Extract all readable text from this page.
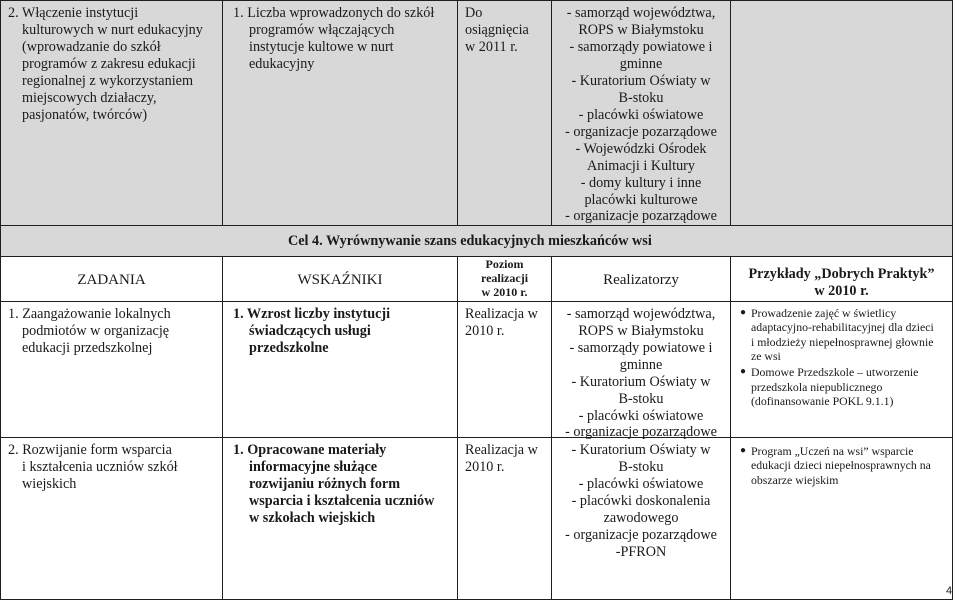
2. Włączenie instytucji
kulturowych w nurt edukacyjny
(wprowadzanie do szkół
programów z zakresu edukacji
regionalnej z wykorzystaniem
miejscowych działaczy,
pasjonatów, twórców)
1. Liczba wprowadzonych do szkół
programów włączających
instytucje kultowe w nurt
edukacyjny
Do
osiągnięcia
w 2011 r.
- samorząd województwa,
ROPS w Białymstoku
- samorządy powiatowe i
gminne
- Kuratorium Oświaty w
B-stoku
- placówki oświatowe
- organizacje pozarządowe
- Wojewódzki Ośrodek
Animacji i Kultury
- domy kultury i inne
placówki kulturowe
- organizacje pozarządowe
Cel 4. Wyrównywanie szans edukacyjnych mieszkańców wsi
ZADANIA	WSKAŹNIKI
Poziom
realizacji
w 2010 r.
Realizatorzy	Przykłady „Dobrych Praktyk”
w 2010 r.
1. Zaangażowanie lokalnych
podmiotów w organizację
edukacji przedszkolnej
1. Wzrost liczby instytucji
świadczących usługi
przedszkolne
Realizacja w
2010 r.
- samorząd województwa,
ROPS w Białymstoku
- samorządy powiatowe i
gminne
- Kuratorium Oświaty w
B-stoku
- placówki oświatowe
- organizacje pozarządowe
● Prowadzenie zajęć w świetlicy
adaptacyjno-rehabilitacyjnej dla dzieci
i młodzieży niepełnosprawnej głownie
ze wsi
● Domowe Przedszkole – utworzenie
przedszkola niepublicznego
(dofinansowanie POKL 9.1.1)
2. Rozwijanie form wsparcia
i kształcenia uczniów szkół
wiejskich
1. Opracowane materiały
informacyjne służące
rozwijaniu różnych form
wsparcia i kształcenia uczniów
w szkołach wiejskich
Realizacja w
2010 r.
- Kuratorium Oświaty w
B-stoku
- placówki oświatowe
- placówki doskonalenia
zawodowego
- organizacje pozarządowe
-PFRON
● Program „Uczeń na wsi” wsparcie
edukacji dzieci niepełnosprawnych na
obszarze wiejskim
4
